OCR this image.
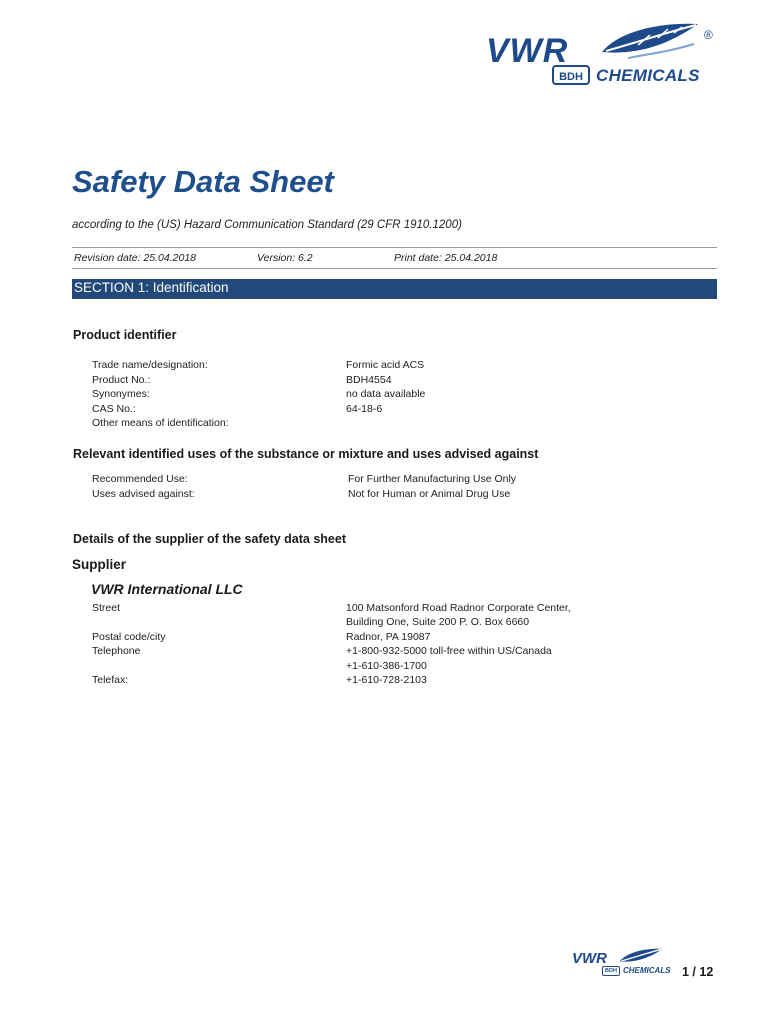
VWR	®
BDH CHEMICALS
Safety Data Sheet
according to the (US) Hazard Communication Standard (29 CFR 1910.1200)
Revision date: 25.04.2018	Version: 6.2	Print date: 25.04.2018
SECTION 1: Identification
Product identifier
Trade name/designation:	Formic acid ACS
Product No.:	BDH4554
Synonymes:	no data available
CAS No.:	64-18-6
Other means of identification:
Relevant identified uses of the substance or mixture and uses advised against
Recommended Use:	For Further Manufacturing Use Only
Uses advised against:	Not for Human or Animal Drug Use
Details of the supplier of the safety data sheet
Supplier
VWR International LLC
Street	100 Matsonford Road Radnor Corporate Center,
Building One, Suite 200 P. O. Box 6660
Postal code/city	Radnor, PA 19087
Telephone	+1-800-932-5000 toll-free within US/Canada
+1-610-386-1700
Telefax:	+1-610-728-2103
VWR
BDH CHEMICALS 1 / 12
